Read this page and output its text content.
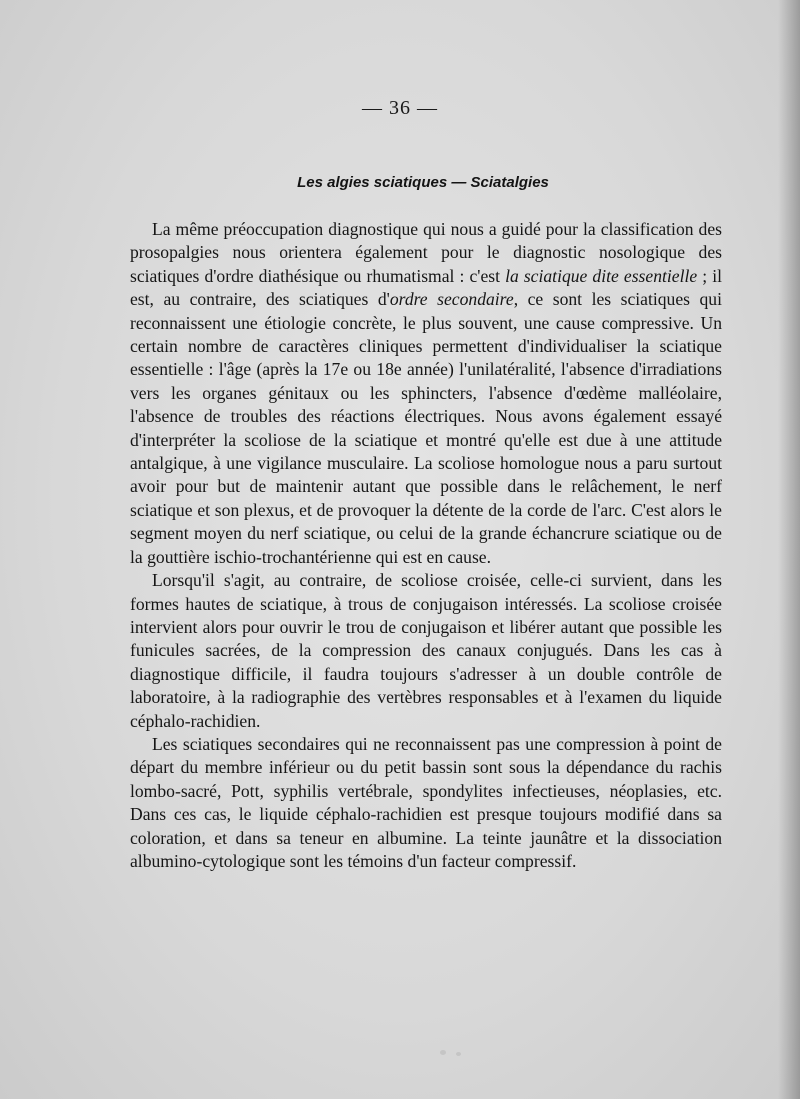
— 36 —
Les algies sciatiques — Sciatalgies

La même préoccupation diagnostique qui nous a guidé pour la classification des prosopalgies nous orientera également pour le diagnostic nosologique des sciatiques d'ordre diathésique ou rhumatismal : c'est la sciatique dite essentielle ; il est, au contraire, des sciatiques d'ordre secondaire, ce sont les sciatiques qui reconnaissent une étiologie concrète, le plus souvent, une cause compressive. Un certain nombre de caractères cliniques permettent d'individualiser la sciatique essentielle : l'âge (après la 17e ou 18e année) l'unilatéralité, l'absence d'irradiations vers les organes génitaux ou les sphincters, l'absence d'œdème malléolaire, l'absence de troubles des réactions électriques. Nous avons également essayé d'interpréter la scoliose de la sciatique et montré qu'elle est due à une attitude antalgique, à une vigilance musculaire. La scoliose homologue nous a paru surtout avoir pour but de maintenir autant que possible dans le relâchement, le nerf sciatique et son plexus, et de provoquer la détente de la corde de l'arc. C'est alors le segment moyen du nerf sciatique, ou celui de la grande échancrure sciatique ou de la gouttière ischio-trochantérienne qui est en cause.

Lorsqu'il s'agit, au contraire, de scoliose croisée, celle-ci survient, dans les formes hautes de sciatique, à trous de conjugaison intéressés. La scoliose croisée intervient alors pour ouvrir le trou de conjugaison et libérer autant que possible les funicules sacrées, de la compression des canaux conjugués. Dans les cas à diagnostique difficile, il faudra toujours s'adresser à un double contrôle de laboratoire, à la radiographie des vertèbres responsables et à l'examen du liquide céphalo-rachidien.

Les sciatiques secondaires qui ne reconnaissent pas une compression à point de départ du membre inférieur ou du petit bassin sont sous la dépendance du rachis lombo-sacré, Pott, syphilis vertébrale, spondylites infectieuses, néoplasies, etc. Dans ces cas, le liquide céphalo-rachidien est presque toujours modifié dans sa coloration, et dans sa teneur en albumine. La teinte jaunâtre et la dissociation albumino-cytologique sont les témoins d'un facteur compressif.
